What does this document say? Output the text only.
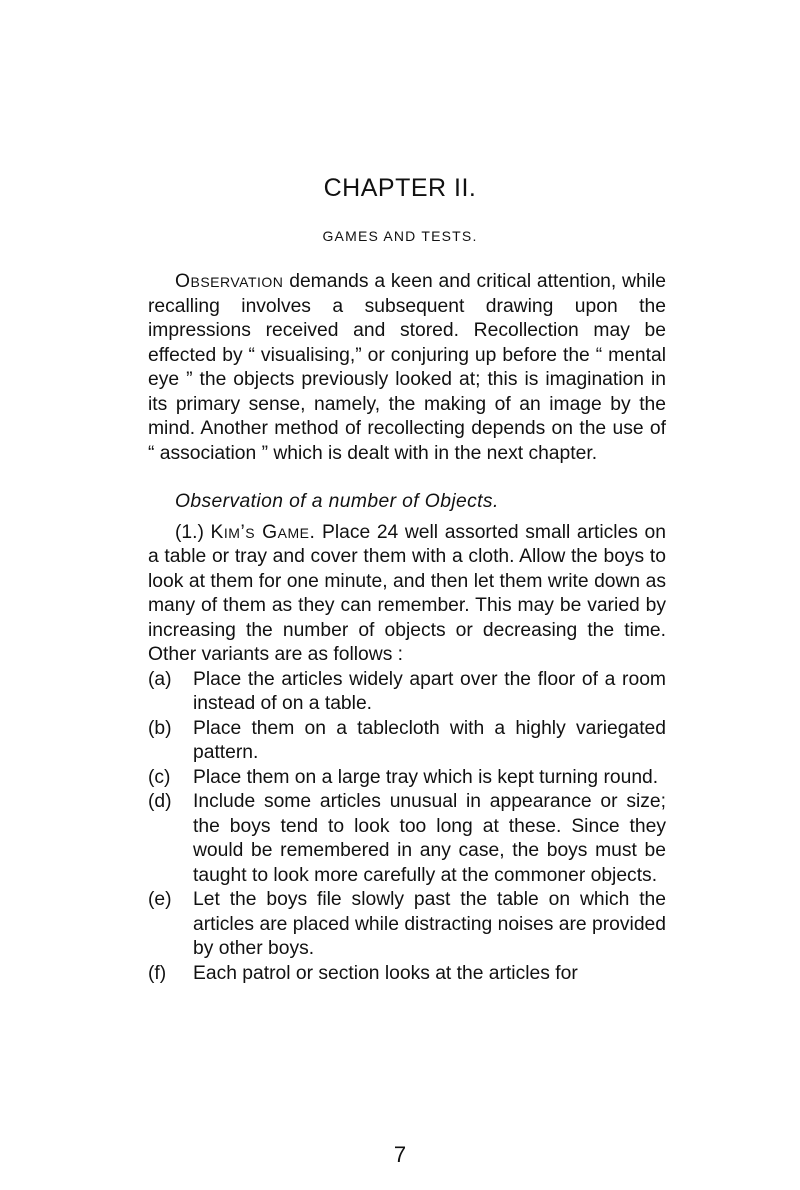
CHAPTER II.
GAMES AND TESTS.

Observation demands a keen and critical attention, while recalling involves a subsequent drawing upon the impressions received and stored. Recollection may be effected by “ visualising,” or conjuring up before the “ mental eye ” the objects previously looked at; this is imagination in its primary sense, namely, the making of an image by the mind. Another method of recollecting depends on the use of “ association ” which is dealt with in the next chapter.

Observation of a number of Objects.

(1.) Kim’s Game. Place 24 well assorted small articles on a table or tray and cover them with a cloth. Allow the boys to look at them for one minute, and then let them write down as many of them as they can remember. This may be varied by increasing the number of objects or decreasing the time. Other variants are as follows :

(a)	Place the articles widely apart over the floor of a room instead of on a table.
(b)	Place them on a tablecloth with a highly variegated pattern.
(c)	Place them on a large tray which is kept turning round.
(d)	Include some articles unusual in appearance or size; the boys tend to look too long at these. Since they would be remembered in any case, the boys must be taught to look more carefully at the commoner objects.
(e)	Let the boys file slowly past the table on which the articles are placed while distracting noises are provided by other boys.
(f)	Each patrol or section looks at the articles for
7
